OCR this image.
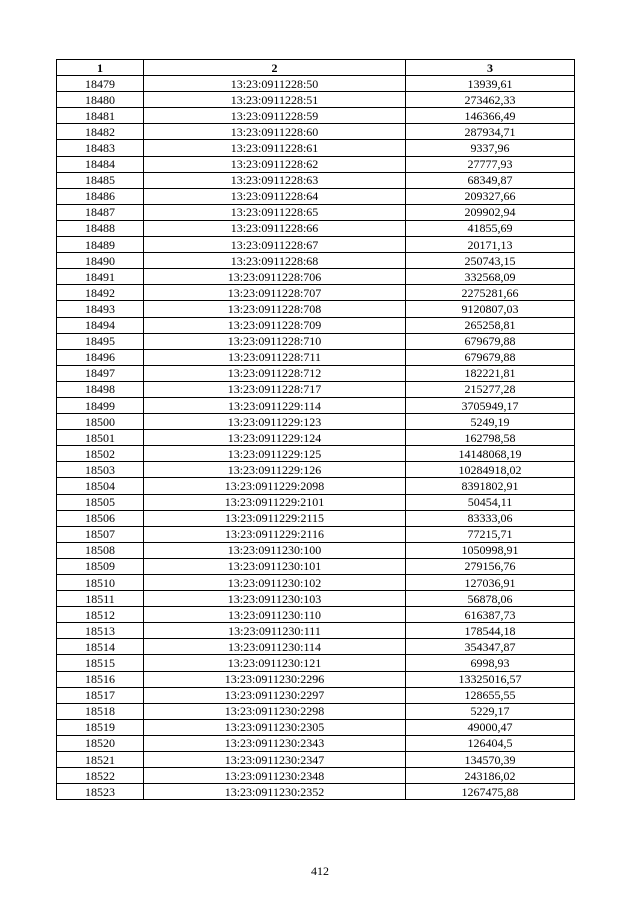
1	2	3
18479	13:23:0911228:50	13939,61
18480	13:23:0911228:51	273462,33
18481	13:23:0911228:59	146366,49
18482	13:23:0911228:60	287934,71
18483	13:23:0911228:61	9337,96
18484	13:23:0911228:62	27777,93
18485	13:23:0911228:63	68349,87
18486	13:23:0911228:64	209327,66
18487	13:23:0911228:65	209902,94
18488	13:23:0911228:66	41855,69
18489	13:23:0911228:67	20171,13
18490	13:23:0911228:68	250743,15
18491	13:23:0911228:706	332568,09
18492	13:23:0911228:707	2275281,66
18493	13:23:0911228:708	9120807,03
18494	13:23:0911228:709	265258,81
18495	13:23:0911228:710	679679,88
18496	13:23:0911228:711	679679,88
18497	13:23:0911228:712	182221,81
18498	13:23:0911228:717	215277,28
18499	13:23:0911229:114	3705949,17
18500	13:23:0911229:123	5249,19
18501	13:23:0911229:124	162798,58
18502	13:23:0911229:125	14148068,19
18503	13:23:0911229:126	10284918,02
18504	13:23:0911229:2098	8391802,91
18505	13:23:0911229:2101	50454,11
18506	13:23:0911229:2115	83333,06
18507	13:23:0911229:2116	77215,71
18508	13:23:0911230:100	1050998,91
18509	13:23:0911230:101	279156,76
18510	13:23:0911230:102	127036,91
18511	13:23:0911230:103	56878,06
18512	13:23:0911230:110	616387,73
18513	13:23:0911230:111	178544,18
18514	13:23:0911230:114	354347,87
18515	13:23:0911230:121	6998,93
18516	13:23:0911230:2296	13325016,57
18517	13:23:0911230:2297	128655,55
18518	13:23:0911230:2298	5229,17
18519	13:23:0911230:2305	49000,47
18520	13:23:0911230:2343	126404,5
18521	13:23:0911230:2347	134570,39
18522	13:23:0911230:2348	243186,02
18523	13:23:0911230:2352	1267475,88
412
